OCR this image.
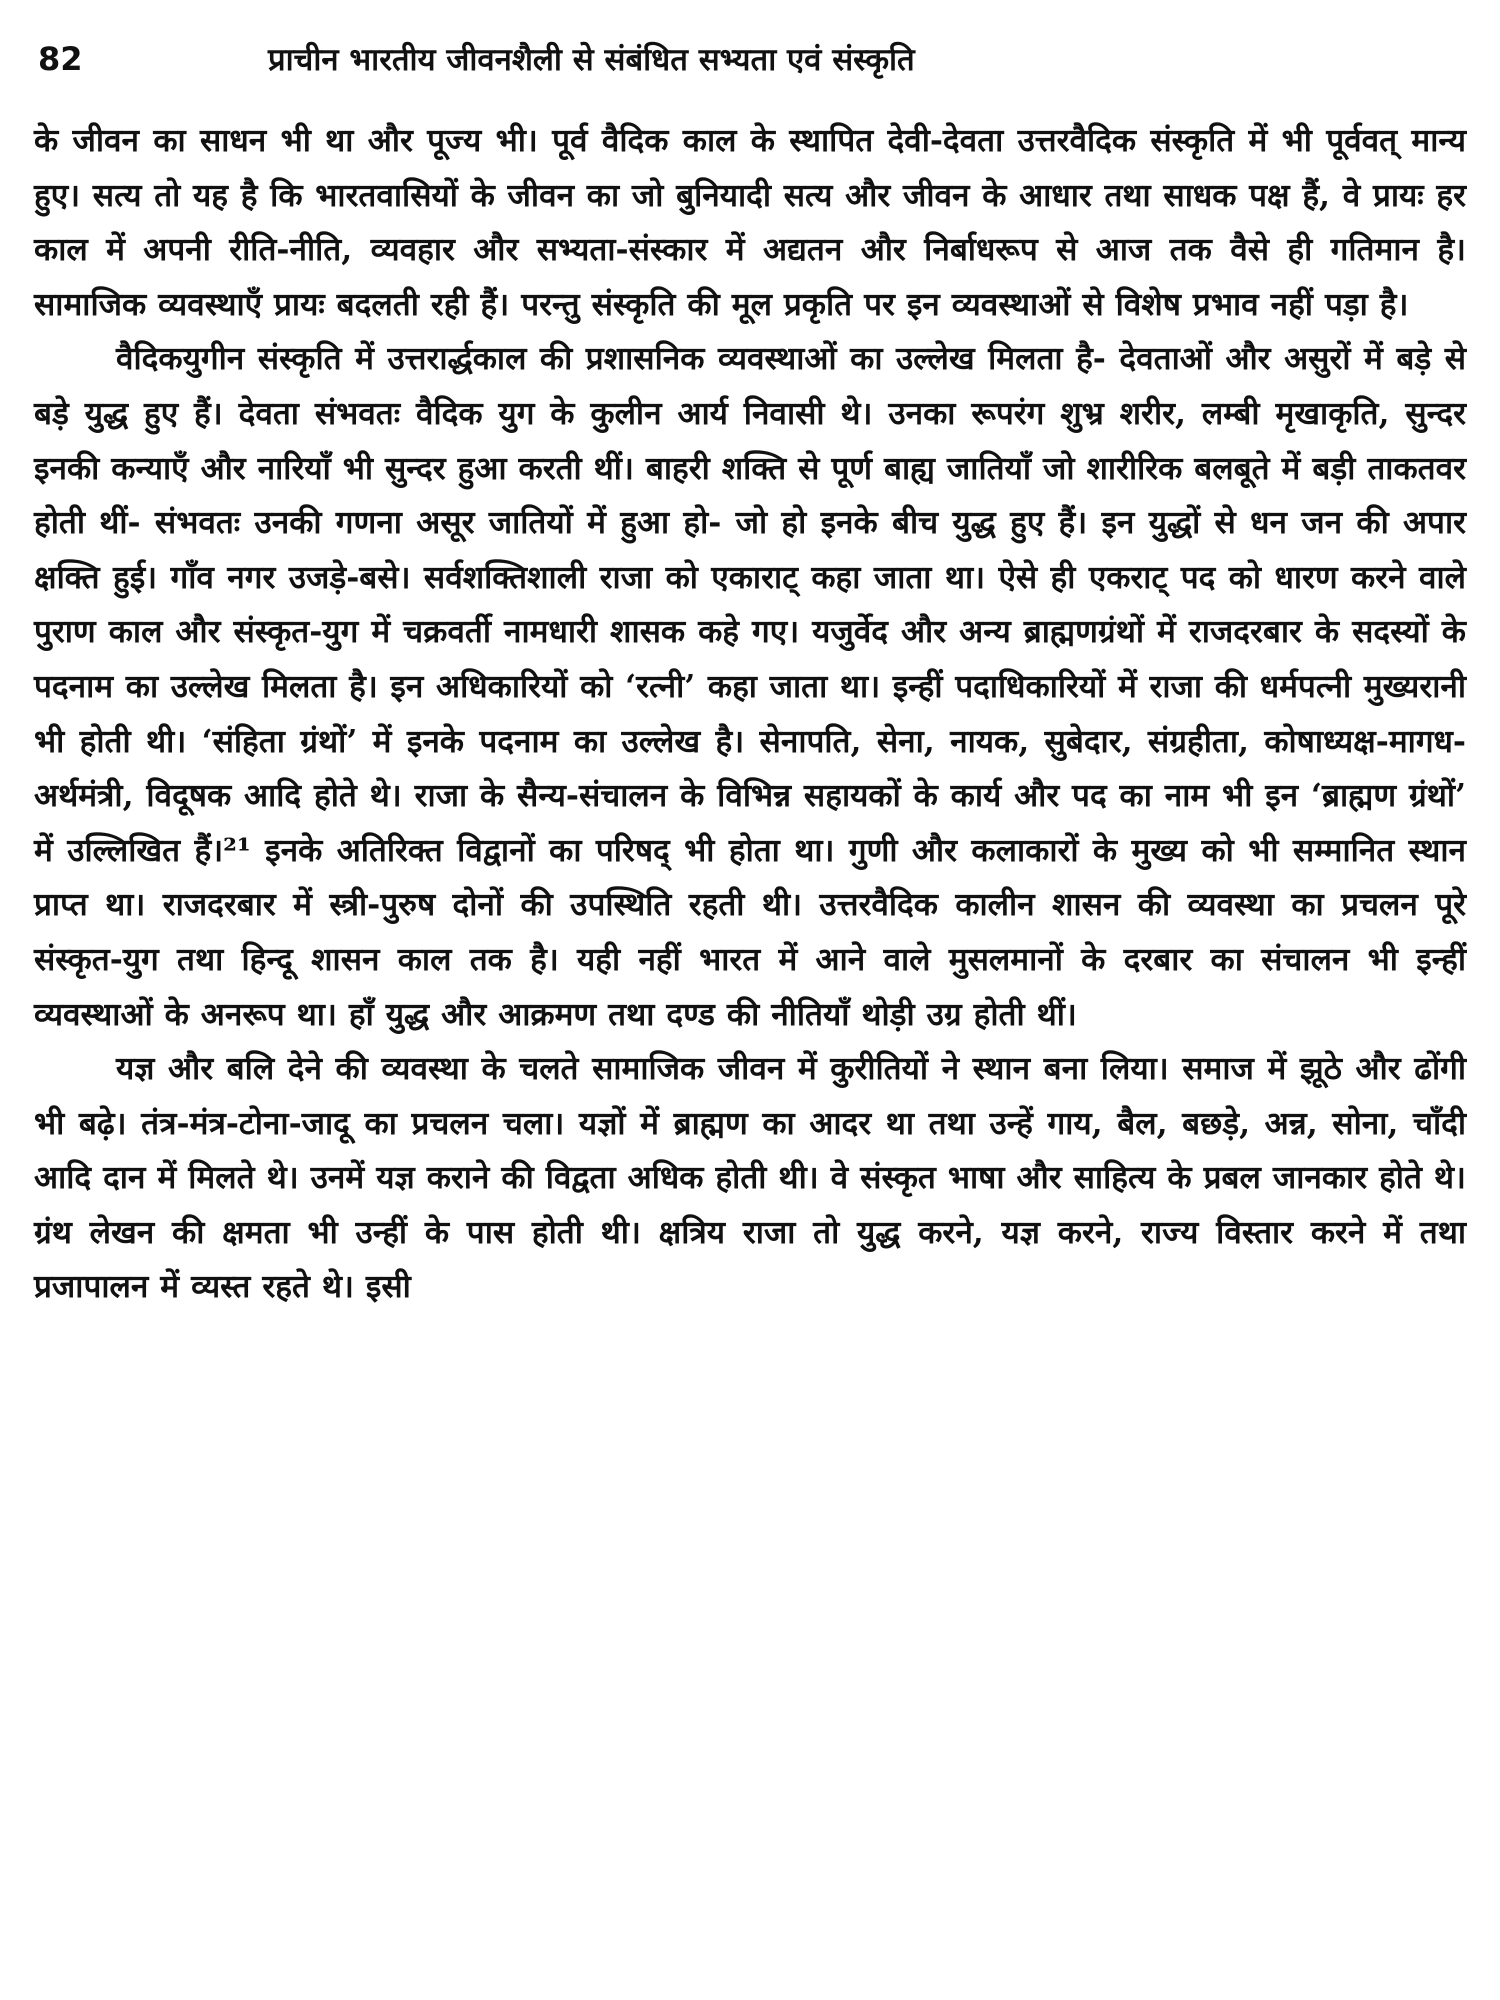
82	प्राचीन भारतीय जीवनशैली से संबंधित सभ्यता एवं संस्कृति

के जीवन का साधन भी था और पूज्य भी। पूर्व वैदिक काल के स्थापित देवी-देवता उत्तरवैदिक संस्कृति में भी पूर्ववत् मान्य हुए। सत्य तो यह है कि भारतवासियों के जीवन का जो बुनियादी सत्य और जीवन के आधार तथा साधक पक्ष हैं, वे प्रायः हर काल में अपनी रीति-नीति, व्यवहार और सभ्यता-संस्कार में अद्यतन और निर्बाधरूप से आज तक वैसे ही गतिमान है। सामाजिक व्यवस्थाएँ प्रायः बदलती रही हैं। परन्तु संस्कृति की मूल प्रकृति पर इन व्यवस्थाओं से विशेष प्रभाव नहीं पड़ा है।

वैदिकयुगीन संस्कृति में उत्तरार्द्धकाल की प्रशासनिक व्यवस्थाओं का उल्लेख मिलता है- देवताओं और असुरों में बड़े से बड़े युद्ध हुए हैं। देवता संभवतः वैदिक युग के कुलीन आर्य निवासी थे। उनका रूपरंग शुभ्र शरीर, लम्बी मृखाकृति, सुन्दर इनकी कन्याएँ और नारियाँ भी सुन्दर हुआ करती थीं। बाहरी शक्ति से पूर्ण बाह्य जातियाँ जो शारीरिक बलबूते में बड़ी ताकतवर होती थीं- संभवतः उनकी गणना असूर जातियों में हुआ हो- जो हो इनके बीच युद्ध हुए हैं। इन युद्धों से धन जन की अपार क्षक्ति हुई। गाँव नगर उजड़े-बसे। सर्वशक्तिशाली राजा को एकाराट् कहा जाता था। ऐसे ही एकराट् पद को धारण करने वाले पुराण काल और संस्कृत-युग में चक्रवर्ती नामधारी शासक कहे गए। यजुर्वेद और अन्य ब्राह्मणग्रंथों में राजदरबार के सदस्यों के पदनाम का उल्लेख मिलता है। इन अधिकारियों को ‘रत्नी’ कहा जाता था। इन्हीं पदाधिकारियों में राजा की धर्मपत्नी मुख्यरानी भी होती थी। ‘संहिता ग्रंथों’ में इनके पदनाम का उल्लेख है। सेनापति, सेना, नायक, सुबेदार, संग्रहीता, कोषाध्यक्ष-मागध-अर्थमंत्री, विदूषक आदि होते थे। राजा के सैन्य-संचालन के विभिन्न सहायकों के कार्य और पद का नाम भी इन ‘ब्राह्मण ग्रंथों’ में उल्लिखित हैं।²¹ इनके अतिरिक्त विद्वानों का परिषद् भी होता था। गुणी और कलाकारों के मुख्य को भी सम्मानित स्थान प्राप्त था। राजदरबार में स्त्री-पुरुष दोनों की उपस्थिति रहती थी। उत्तरवैदिक कालीन शासन की व्यवस्था का प्रचलन पूरे संस्कृत-युग तथा हिन्दू शासन काल तक है। यही नहीं भारत में आने वाले मुसलमानों के दरबार का संचालन भी इन्हीं व्यवस्थाओं के अनरूप था। हाँ युद्ध और आक्रमण तथा दण्ड की नीतियाँ थोड़ी उग्र होती थीं।

यज्ञ और बलि देने की व्यवस्था के चलते सामाजिक जीवन में कुरीतियों ने स्थान बना लिया। समाज में झूठे और ढोंगी भी बढ़े। तंत्र-मंत्र-टोना-जादू का प्रचलन चला। यज्ञों में ब्राह्मण का आदर था तथा उन्हें गाय, बैल, बछड़े, अन्न, सोना, चाँदी आदि दान में मिलते थे। उनमें यज्ञ कराने की विद्वता अधिक होती थी। वे संस्कृत भाषा और साहित्य के प्रबल जानकार होते थे। ग्रंथ लेखन की क्षमता भी उन्हीं के पास होती थी। क्षत्रिय राजा तो युद्ध करने, यज्ञ करने, राज्य विस्तार करने में तथा प्रजापालन में व्यस्त रहते थे। इसी
